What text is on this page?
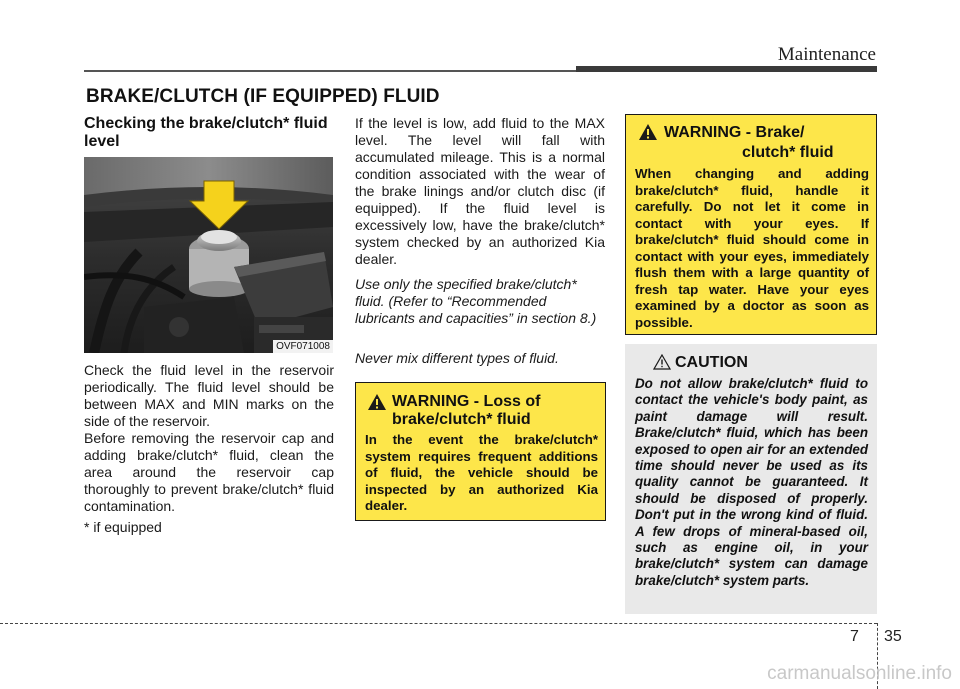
Maintenance
BRAKE/CLUTCH (IF EQUIPPED) FLUID
Checking the brake/clutch* fluid level
OVF071008
Check the fluid level in the reservoir periodically. The fluid level should be between MAX and MIN marks on the side of the reservoir.
Before removing the reservoir cap and adding brake/clutch* fluid, clean the area around the reservoir cap thoroughly to prevent brake/clutch* fluid contamination.
* if equipped
If the level is low, add fluid to the MAX level. The level will fall with accumulated mileage. This is a normal condition associated with the wear of the brake linings and/or clutch disc (if equipped). If the fluid level is excessively low, have the brake/clutch* system checked by an authorized Kia dealer.
Use only the specified brake/clutch* fluid. (Refer to “Recommended lubricants and capacities” in section 8.)
Never mix different types of fluid.
WARNING - Loss of
brake/clutch* fluid
In the event the brake/clutch* system requires frequent additions of fluid, the vehicle should be inspected by an authorized Kia dealer.
WARNING - Brake/
clutch* fluid
When changing and adding brake/clutch* fluid, handle it carefully. Do not let it come in contact with your eyes. If brake/clutch* fluid should come in contact with your eyes, immediately flush them with a large quantity of fresh tap water. Have your eyes examined by a doctor as soon as possible.
CAUTION
Do not allow brake/clutch* fluid to contact the vehicle's body paint, as paint damage will result. Brake/clutch* fluid, which has been exposed to open air for an extended time should never be used as its quality cannot be guaranteed. It should be disposed of properly. Don't put in the wrong kind of fluid. A few drops of mineral-based oil, such as engine oil, in your brake/clutch* system can damage brake/clutch* system parts.
7 35
carmanualsonline.info
